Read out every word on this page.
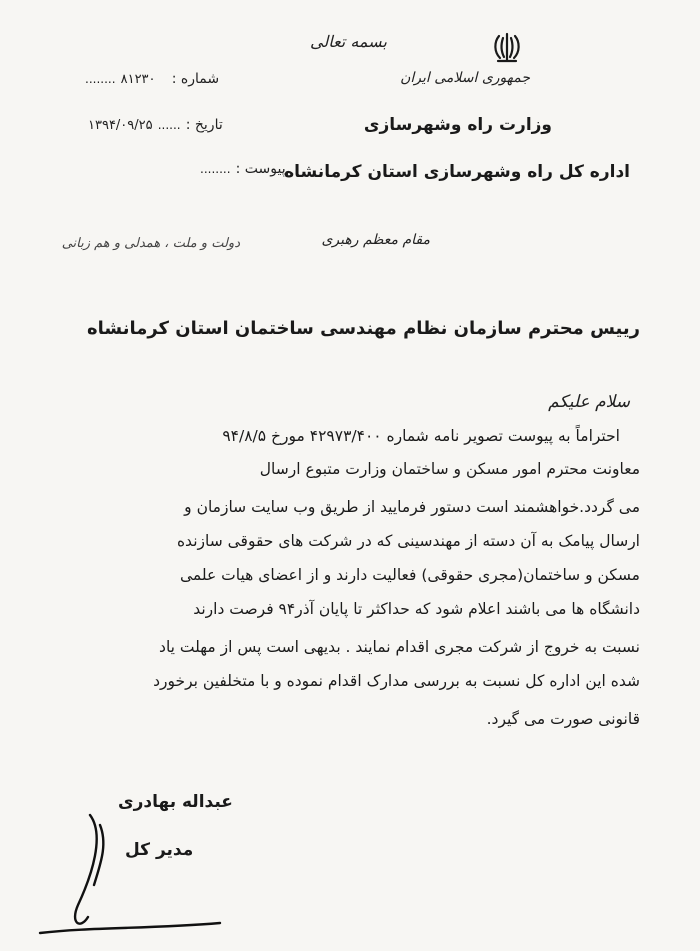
بسمه تعالی
جمهوری اسلامی ایران
وزارت راه وشهرسازی
اداره کل راه وشهرسازی استان کرمانشاه
شماره :  ۸۱۲۳۰ ........
تاریخ : ...... ۱۳۹۴/۰۹/۲۵
پیوست : ........
مقام معظم رهبری
دولت و ملت ، همدلی و هم زبانی
رییس محترم سازمان نظام مهندسی ساختمان استان کرمانشاه
سلام علیکم
احتراماً به پیوست تصویر نامه شماره ۴۲۹۷۳/۴۰۰ مورخ ۹۴/۸/۵
معاونت محترم امور مسکن و ساختمان وزارت متبوع ارسال
می گردد.خواهشمند است دستور فرمایید از طریق وب سایت سازمان و
ارسال پیامک به آن دسته از مهندسینی که در شرکت های حقوقی سازنده
مسکن و ساختمان(مجری حقوقی) فعالیت دارند و از اعضای هیات علمی
دانشگاه ها می باشند اعلام شود که حداکثر تا پایان آذر۹۴ فرصت دارند
نسبت به خروج از شرکت مجری اقدام نمایند . بدیهی است پس از مهلت یاد
شده این اداره کل نسبت به بررسی مدارک اقدام نموده و با متخلفین برخورد
قانونی صورت می گیرد.
عبداله بهادری
مدیر کل
